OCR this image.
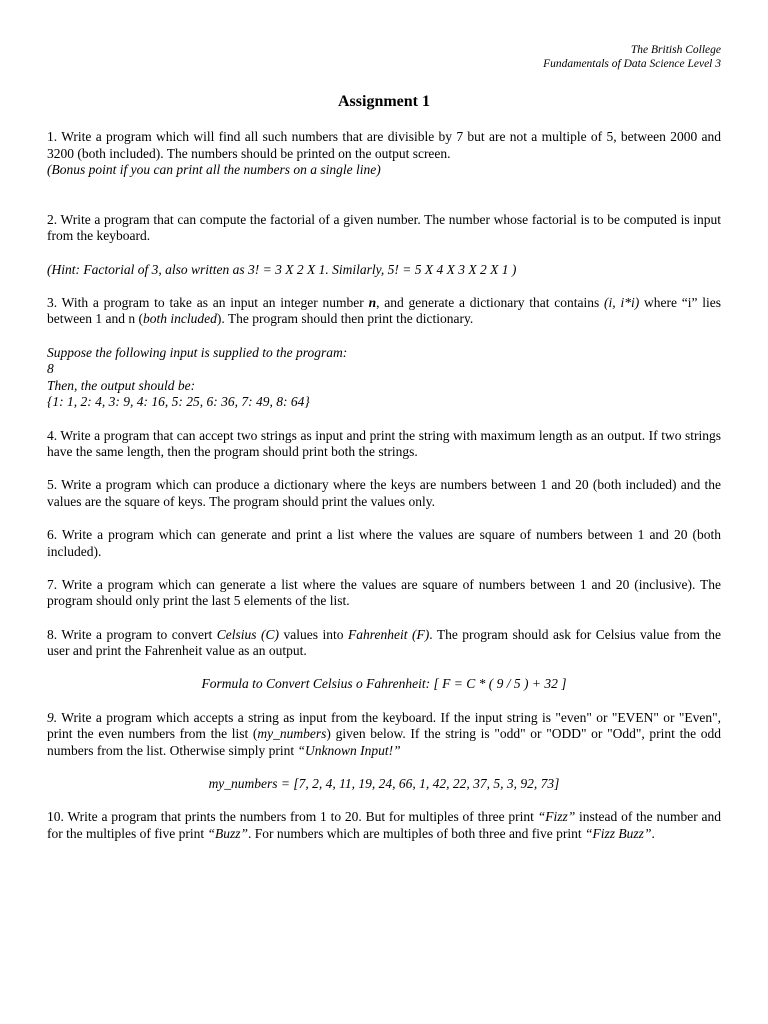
The British College
Fundamentals of Data Science Level 3
Assignment 1

1. Write a program which will find all such numbers that are divisible by 7 but are not a multiple of 5, between 2000 and 3200 (both included). The numbers should be printed on the output screen.
(Bonus point if you can print all the numbers on a single line)

2. Write a program that can compute the factorial of a given number. The number whose factorial is to be computed is input from the keyboard.

(Hint: Factorial of 3, also written as 3! = 3 X 2 X 1. Similarly, 5! = 5 X 4 X 3 X 2 X 1 )

3. With a program to take as an input an integer number n, and generate a dictionary that contains (i, i*i) where “i” lies between 1 and n (both included). The program should then print the dictionary.

Suppose the following input is supplied to the program:
8
Then, the output should be:
{1: 1, 2: 4, 3: 9, 4: 16, 5: 25, 6: 36, 7: 49, 8: 64}

4. Write a program that can accept two strings as input and print the string with maximum length as an output. If two strings have the same length, then the program should print both the strings.

5. Write a program which can produce a dictionary where the keys are numbers between 1 and 20 (both included) and the values are the square of keys. The program should print the values only.

6. Write a program which can generate and print a list where the values are square of numbers between 1 and 20 (both included).

7. Write a program which can generate a list where the values are square of numbers between 1 and 20 (inclusive). The program should only print the last 5 elements of the list.

8. Write a program to convert Celsius (C) values into Fahrenheit (F). The program should ask for Celsius value from the user and print the Fahrenheit value as an output.

Formula to Convert Celsius o Fahrenheit: [ F = C * ( 9 / 5 ) + 32 ]

9. Write a program which accepts a string as input from the keyboard. If the input string is "even" or "EVEN" or "Even", print the even numbers from the list (my_numbers) given below. If the string is "odd" or "ODD" or "Odd", print the odd numbers from the list. Otherwise simply print “Unknown Input!”

my_numbers = [7, 2, 4, 11, 19, 24, 66, 1, 42, 22, 37, 5, 3, 92, 73]

10. Write a program that prints the numbers from 1 to 20. But for multiples of three print “Fizz” instead of the number and for the multiples of five print “Buzz”. For numbers which are multiples of both three and five print “Fizz Buzz”.
